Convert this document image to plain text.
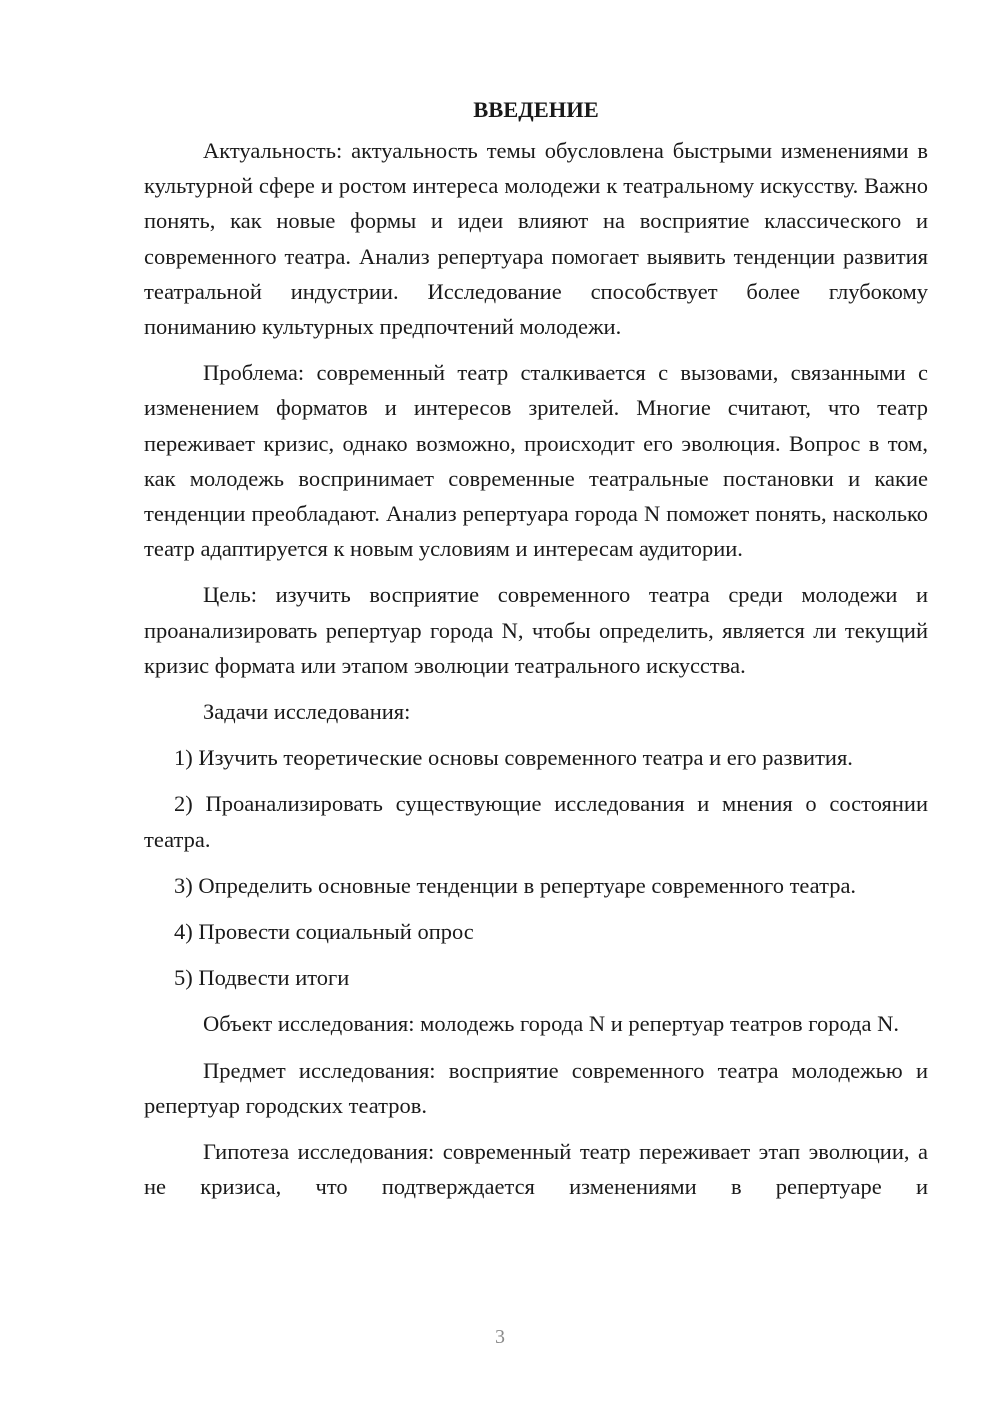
ВВЕДЕНИЕ

Актуальность: актуальность темы обусловлена быстрыми изменениями в культурной сфере и ростом интереса молодежи к театральному искусству. Важно понять, как новые формы и идеи влияют на восприятие классического и современного театра. Анализ репертуара помогает выявить тенденции развития театральной индустрии. Исследование способствует более глубокому пониманию культурных предпочтений молодежи.

Проблема: современный театр сталкивается с вызовами, связанными с изменением форматов и интересов зрителей. Многие считают, что театр переживает кризис, однако возможно, происходит его эволюция. Вопрос в том, как молодежь воспринимает современные театральные постановки и какие тенденции преобладают. Анализ репертуара города N поможет понять, насколько театр адаптируется к новым условиям и интересам аудитории.

Цель: изучить восприятие современного театра среди молодежи и проанализировать репертуар города N, чтобы определить, является ли текущий кризис формата или этапом эволюции театрального искусства.

Задачи исследования:

1) Изучить теоретические основы современного театра и его развития.

2) Проанализировать существующие исследования и мнения о состоянии театра.

3) Определить основные тенденции в репертуаре современного театра.

4) Провести социальный опрос

5) Подвести итоги

Объект исследования: молодежь города N и репертуар театров города N.

Предмет исследования: восприятие современного театра молодежью и репертуар городских театров.

Гипотеза исследования: современный театр переживает этап эволюции, а не кризиса, что подтверждается изменениями в репертуаре и

3
